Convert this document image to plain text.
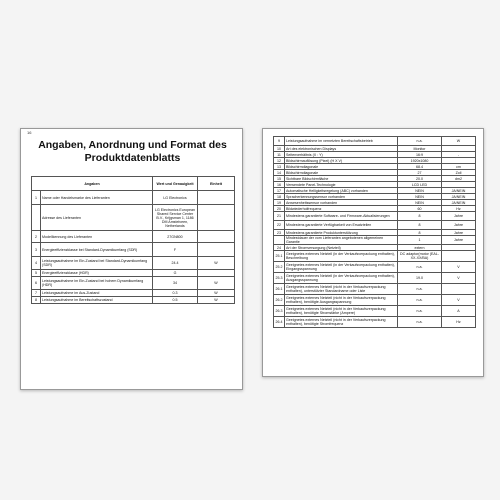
16
Angaben, Anordnung und Format des
Produktdatenblatts
Angaben		Wert und Genauigkeit	Einheit
1	Name oder Handelsmarke des Lieferanten	LG Electronics	
	Adresse des Lieferanten	LG Electronics European Shared Service Center B.V., Krijgsman 1, 1186 DM Amstelveen, Netherlands	
2	Modellkennung des Lieferanten	27GN800	
3	Energieeffizienzklasse bei Standard-Dynamikumfang (SDR)	F	
4	Leistungsaufnahme im Ein-Zustand bei Standard-Dynamikumfang (SDR)	24.4	W
5	Energieeffizienzklasse (HDR)	G	
6	Leistungsaufnahme im Ein-Zustand bei hohem Dynamikumfang (HDR)	34	W
7	Leistungsaufnahme im Aus-Zustand	0.3	W
8	Leistungsaufnahme im Bereitschaftszustand	0.5	W
9	Leistungsaufnahme im vernetzten Bereitschaftsbetrieb	n.a.	W
10	Art des elektronischen Displays	Monitor	
11	Seitenverhältnis (X : Y)	16:9	-
12	Bildschirmauflösung (Pixel) (H X V)	1920x1080	
13	Bildschirmdiagonale	68.4	cm
14	Bildschirmdiagonale	27	Zoll
15	Sichtbare Bildschirmfläche	20.0	dm2
16	Verwendete Panel-Technologie	LCD LED	
17	Automatische Helligkeitsregelung (ABC) vorhanden	NEIN	JA/NEIN
18	Spracherkennungssensor vorhanden	NEIN	JA/NEIN
19	Anwesenheitssensor vorhanden	NEIN	JA/NEIN
20	Bildwiederholfrequenz	60	Hz
21	Mindestens garantierte Software- und Firmware-Aktualisierungen	8	Jahre
22	Mindestens garantierte Verfügbarkeit von Ersatzteilen	8	Jahre
23	Mindestens garantierte Produktunterstützung	8	Jahre
	Mindestdauer der vom Lieferanten angebotenen allgemeinen Garantie	1	Jahre
24	Art der Stromversorgung (Netzteil)	extern	
25.1	Geeignetes externes Netzteil (in der Verkaufsverpackung enthalten), Beschreibung	DC adaptor(motor (EAL-XX-XX/BA)	
25.2	Geeignetes externes Netzteil (in der Verkaufsverpackung enthalten), Eingangsspannung	n.a.	V
25.3	Geeignetes externes Netzteil (in der Verkaufsverpackung enthalten), Ausgangsspannung	19.0	V
26.1	Geeignetes externes Netzteil (nicht in der Verkaufsverpackung enthalten), unterstützter Standardname oder Liste	n.a.	
26.2	Geeignetes externes Netzteil (nicht in der Verkaufsverpackung enthalten), benötigte Ausgangsspannung	n.a.	V
26.3	Geeignetes externes Netzteil (nicht in der Verkaufsverpackung enthalten), benötigte Stromstärke (Ampere)	n.a.	A
26.4	Geeignetes externes Netzteil (nicht in der Verkaufsverpackung enthalten), benötigte Stromfrequenz	n.a.	Hz
